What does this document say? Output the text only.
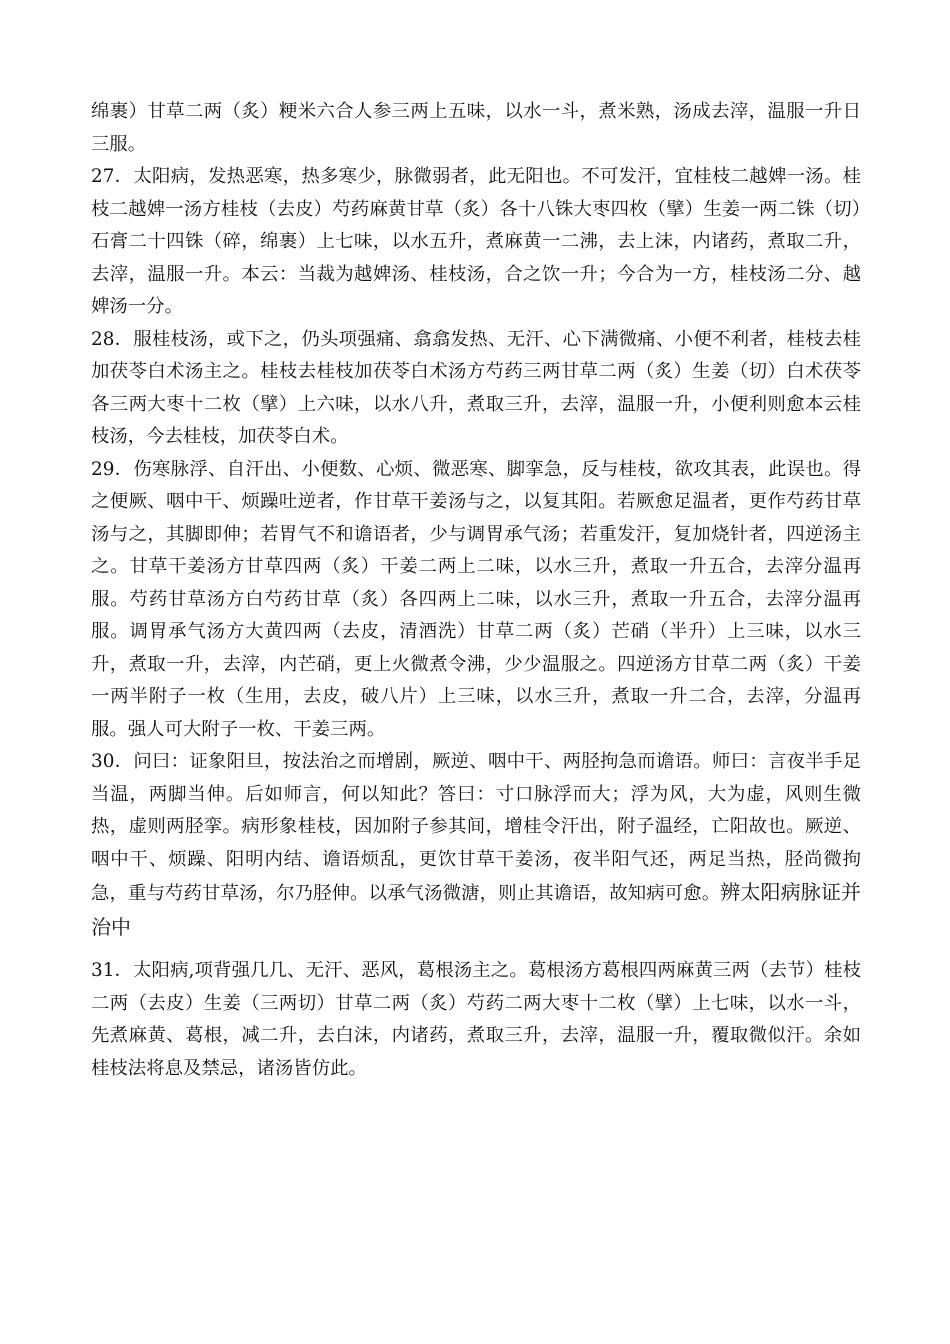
绵裹）甘草二两（炙）粳米六合人参三两上五味，以水一斗，煮米熟，汤成去滓，温服一升日三服。

27．太阳病，发热恶寒，热多寒少，脉微弱者，此无阳也。不可发汗，宜桂枝二越婢一汤。桂枝二越婢一汤方桂枝（去皮）芍药麻黄甘草（炙）各十八铢大枣四枚（擘）生姜一两二铢（切）石膏二十四铢（碎，绵裹）上七味，以水五升，煮麻黄一二沸，去上沫，内诸药，煮取二升，去滓，温服一升。本云：当裁为越婢汤、桂枝汤，合之饮一升；今合为一方，桂枝汤二分、越婢汤一分。

28．服桂枝汤，或下之，仍头项强痛、翕翕发热、无汗、心下满微痛、小便不利者，桂枝去桂加茯苓白术汤主之。桂枝去桂枝加茯苓白术汤方芍药三两甘草二两（炙）生姜（切）白术茯苓各三两大枣十二枚（擘）上六味，以水八升，煮取三升，去滓，温服一升，小便利则愈本云桂枝汤，今去桂枝，加茯苓白术。

29．伤寒脉浮、自汗出、小便数、心烦、微恶寒、脚挛急，反与桂枝，欲攻其表，此误也。得之便厥、咽中干、烦躁吐逆者，作甘草干姜汤与之，以复其阳。若厥愈足温者，更作芍药甘草汤与之，其脚即伸；若胃气不和谵语者，少与调胃承气汤；若重发汗，复加烧针者，四逆汤主之。甘草干姜汤方甘草四两（炙）干姜二两上二味，以水三升，煮取一升五合，去滓分温再服。芍药甘草汤方白芍药甘草（炙）各四两上二味，以水三升，煮取一升五合，去滓分温再服。调胃承气汤方大黄四两（去皮，清酒洗）甘草二两（炙）芒硝（半升）上三味，以水三升，煮取一升，去滓，内芒硝，更上火微煮令沸，少少温服之。四逆汤方甘草二两（炙）干姜一两半附子一枚（生用，去皮，破八片）上三味，以水三升，煮取一升二合，去滓，分温再服。强人可大附子一枚、干姜三两。

30．问曰：证象阳旦，按法治之而增剧，厥逆、咽中干、两胫拘急而谵语。师曰：言夜半手足当温，两脚当伸。后如师言，何以知此？答曰：寸口脉浮而大；浮为风，大为虚，风则生微热，虚则两胫挛。病形象桂枝，因加附子参其间，增桂令汗出，附子温经，亡阳故也。厥逆、咽中干、烦躁、阳明内结、谵语烦乱，更饮甘草干姜汤，夜半阳气还，两足当热，胫尚微拘急，重与芍药甘草汤，尔乃胫伸。以承气汤微溏，则止其谵语，故知病可愈。辨太阳病脉证并治中

31．太阳病,项背强几几、无汗、恶风，葛根汤主之。葛根汤方葛根四两麻黄三两（去节）桂枝二两（去皮）生姜（三两切）甘草二两（炙）芍药二两大枣十二枚（擘）上七味，以水一斗，先煮麻黄、葛根，减二升，去白沫，内诸药，煮取三升，去滓，温服一升，覆取微似汗。余如桂枝法将息及禁忌，诸汤皆仿此。
